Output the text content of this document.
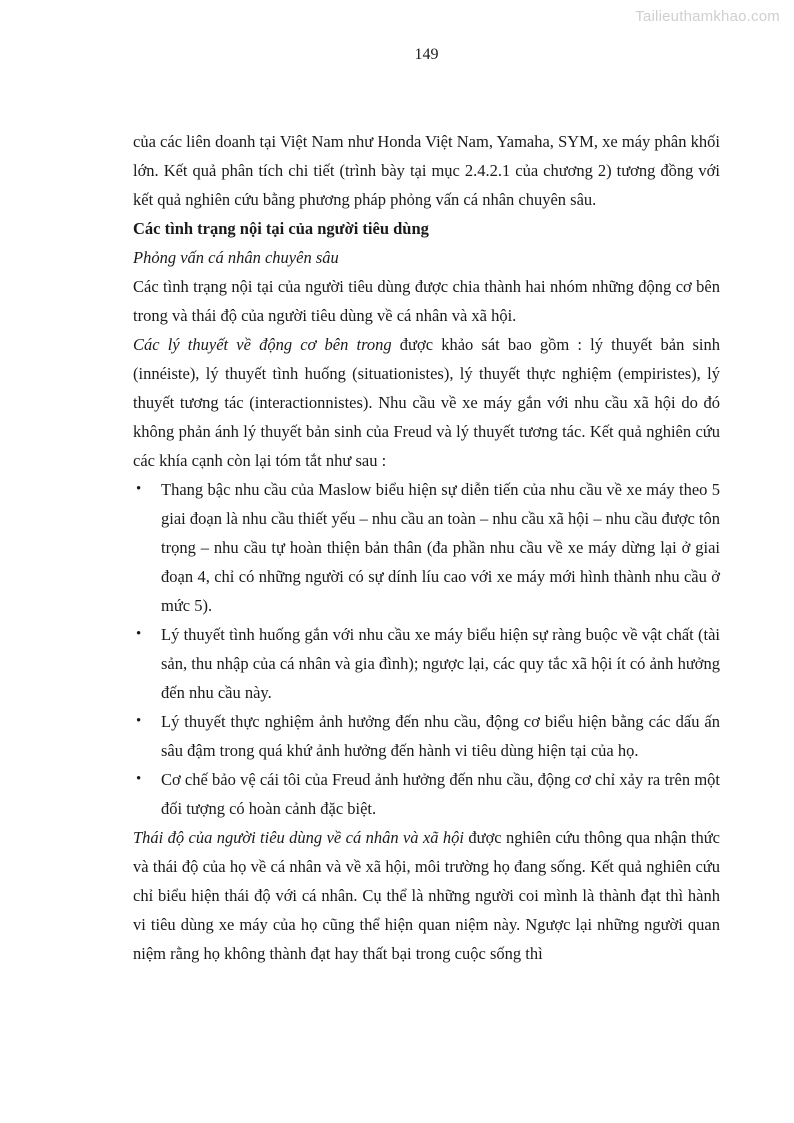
Tailieuthamkhao.com
149

của các liên doanh tại Việt Nam như Honda Việt Nam, Yamaha, SYM, xe máy phân khối lớn. Kết quả phân tích chi tiết (trình bày tại mục 2.4.2.1 của chương 2) tương đồng với kết quả nghiên cứu bằng phương pháp phỏng vấn cá nhân chuyên sâu.

Các tình trạng nội tại của người tiêu dùng

Phỏng vấn cá nhân chuyên sâu

Các tình trạng nội tại của người tiêu dùng được chia thành hai nhóm những động cơ bên trong và thái độ của người tiêu dùng về cá nhân và xã hội.

Các lý thuyết về động cơ bên trong được khảo sát bao gồm : lý thuyết bản sinh (innéiste), lý thuyết tình huống (situationistes), lý thuyết thực nghiệm (empiristes), lý thuyết tương tác (interactionnistes). Nhu cầu về xe máy gắn với nhu cầu xã hội do đó không phản ánh lý thuyết bản sinh của Freud và lý thuyết tương tác. Kết quả nghiên cứu các khía cạnh còn lại tóm tắt như sau :

• Thang bậc nhu cầu của Maslow biểu hiện sự diễn tiến của nhu cầu về xe máy theo 5 giai đoạn là nhu cầu thiết yếu – nhu cầu an toàn – nhu cầu xã hội – nhu cầu được tôn trọng – nhu cầu tự hoàn thiện bản thân (đa phần nhu cầu về xe máy dừng lại ở giai đoạn 4, chỉ có những người có sự dính líu cao với xe máy mới hình thành nhu cầu ở mức 5).
• Lý thuyết tình huống gắn với nhu cầu xe máy biểu hiện sự ràng buộc về vật chất (tài sản, thu nhập của cá nhân và gia đình); ngược lại, các quy tắc xã hội ít có ảnh hưởng đến nhu cầu này.
• Lý thuyết thực nghiệm ảnh hưởng đến nhu cầu, động cơ biểu hiện bằng các dấu ấn sâu đậm trong quá khứ ảnh hưởng đến hành vi tiêu dùng hiện tại của họ.
• Cơ chế bảo vệ cái tôi của Freud ảnh hưởng đến nhu cầu, động cơ chỉ xảy ra trên một đối tượng có hoàn cảnh đặc biệt.

Thái độ của người tiêu dùng về cá nhân và xã hội được nghiên cứu thông qua nhận thức và thái độ của họ về cá nhân và về xã hội, môi trường họ đang sống. Kết quả nghiên cứu chỉ biểu hiện thái độ với cá nhân. Cụ thể là những người coi mình là thành đạt thì hành vi tiêu dùng xe máy của họ cũng thể hiện quan niệm này. Ngược lại những người quan niệm rằng họ không thành đạt hay thất bại trong cuộc sống thì
